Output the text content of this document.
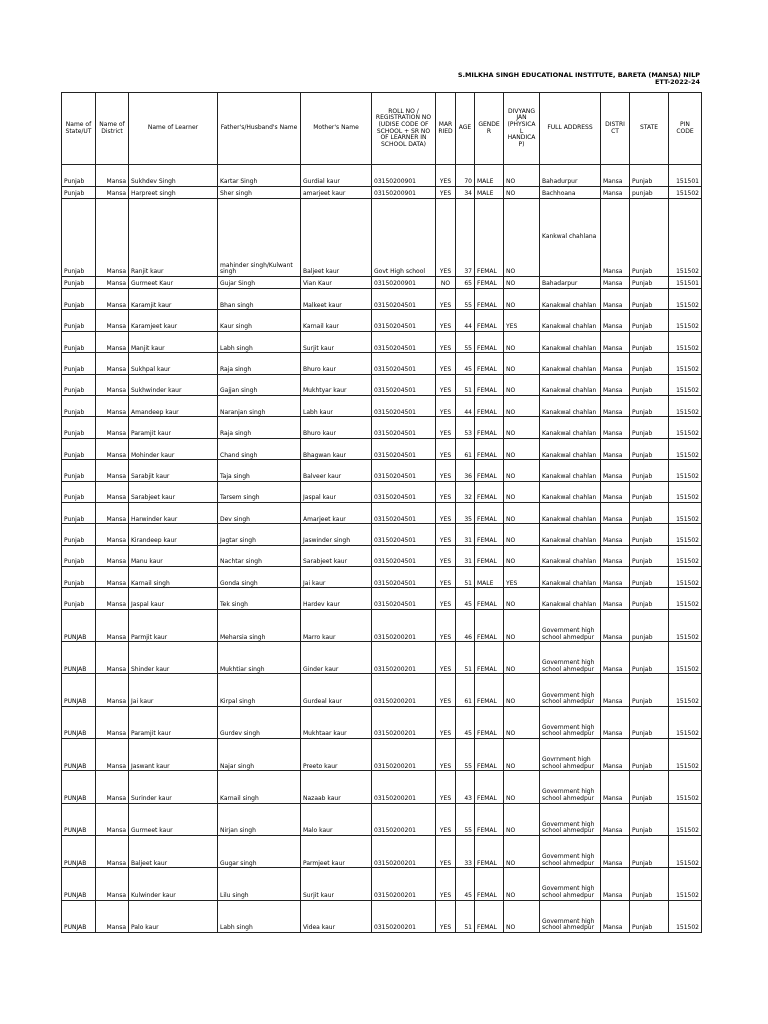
S.MILKHA SINGH EDUCATIONAL INSTITUTE, BARETA (MANSA) NILP
ETT-2022-24
Name of State/UT	Name of District	Name of Learner	Father's/Husband's Name	Mother's Name	ROLL NO / REGISTRATION NO (UDISE CODE OF SCHOOL + SR NO OF LEARNER IN SCHOOL DATA)	MAR RIED	AGE	GENDE R	DIVYANG JAN (PHYSICA L HANDICA P)	FULL ADDRESS	DISTRI CT	STATE	PIN CODE
Punjab	Mansa	Sukhdev Singh	Kartar Singh	Gurdial kaur	03150200901	YES	70	MALE	NO	Bahadurpur	Mansa	Punjab	151501
Punjab	Mansa	Harpreet singh	Sher singh	amarjeet kaur	03150200901	YES	34	MALE	NO	Bachhoana	Mansa	punjab	151502
Punjab	Mansa	Ranjit kaur	mahinder singh/Kulwant singh	Baljeet kaur	Govt High school	YES	37	FEMAL	NO	Kankwal chahlana	Mansa	Punjab	151502
Punjab	Mansa	Gurmeet Kaur	Gujar Singh	Vian Kaur	03150200901	NO	65	FEMAL	NO	Bahadarpur	Mansa	Punjab	151501
Punjab	Mansa	Karamjit kaur	Bhan singh	Malkeet kaur	03150204501	YES	55	FEMAL	NO	Kanakwal chahlan	Mansa	Punjab	151502
Punjab	Mansa	Karamjeet kaur	Kaur singh	Karnail kaur	03150204501	YES	44	FEMAL	YES	Kanakwal chahlan	Mansa	Punjab	151502
Punjab	Mansa	Manjit kaur	Labh singh	Surjit kaur	03150204501	YES	55	FEMAL	NO	Kanakwal chahlan	Mansa	Punjab	151502
Punjab	Mansa	Sukhpal kaur	Raja singh	Bhuro kaur	03150204501	YES	45	FEMAL	NO	Kanakwal chahlan	Mansa	Punjab	151502
Punjab	Mansa	Sukhwinder kaur	Gajjan singh	Mukhtyar kaur	03150204501	YES	51	FEMAL	NO	Kanakwal chahlan	Mansa	Punjab	151502
Punjab	Mansa	Amandeep kaur	Naranjan singh	Labh kaur	03150204501	YES	44	FEMAL	NO	Kanakwal chahlan	Mansa	Punjab	151502
Punjab	Mansa	Paramjit kaur	Raja singh	Bhuro kaur	03150204501	YES	53	FEMAL	NO	Kanakwal chahlan	Mansa	Punjab	151502
Punjab	Mansa	Mohinder kaur	Chand singh	Bhagwan kaur	03150204501	YES	61	FEMAL	NO	Kanakwal chahlan	Mansa	Punjab	151502
Punjab	Mansa	Sarabjit kaur	Taja singh	Balveer kaur	03150204501	YES	36	FEMAL	NO	Kanakwal chahlan	Mansa	Punjab	151502
Punjab	Mansa	Sarabjeet kaur	Tarsem singh	Jaspal kaur	03150204501	YES	32	FEMAL	NO	Kanakwal chahlan	Mansa	Punjab	151502
Punjab	Mansa	Harwinder kaur	Dev singh	Amarjeet kaur	03150204501	YES	35	FEMAL	NO	Kanakwal chahlan	Mansa	Punjab	151502
Punjab	Mansa	Kirandeep kaur	Jagtar singh	Jaswinder singh	03150204501	YES	31	FEMAL	NO	Kanakwal chahlan	Mansa	Punjab	151502
Punjab	Mansa	Manu kaur	Nachtar singh	Sarabjeet kaur	03150204501	YES	31	FEMAL	NO	Kanakwal chahlan	Mansa	Punjab	151502
Punjab	Mansa	Karnail singh	Gonda singh	Jai kaur	03150204501	YES	51	MALE	YES	Kanakwal chahlan	Mansa	Punjab	151502
Punjab	Mansa	Jaspal kaur	Tek singh	Hardev kaur	03150204501	YES	45	FEMAL	NO	Kanakwal chahlan	Mansa	Punjab	151502
PUNJAB	Mansa	Parmjit kaur	Meharsia singh	Marro kaur	03150200201	YES	46	FEMAL	NO	Government high school ahmedpur	Mansa	punjab	151502
PUNJAB	Mansa	Shinder kaur	Mukhtiar singh	Ginder kaur	03150200201	YES	51	FEMAL	NO	Government high school ahmedpur	Mansa	Punjab	151502
PUNJAB	Mansa	Jai kaur	Kirpal singh	Gurdeal kaur	03150200201	YES	61	FEMAL	NO	Government high school ahmedpur	Mansa	Punjab	151502
PUNJAB	Mansa	Paramjit kaur	Gurdev singh	Mukhtaar kaur	03150200201	YES	45	FEMAL	NO	Government high school ahmedpur	Mansa	Punjab	151502
PUNJAB	Mansa	Jaswant kaur	Najar singh	Preeto kaur	03150200201	YES	55	FEMAL	NO	Govrnment high school ahmedpur	Mansa	Punjab	151502
PUNJAB	Mansa	Surinder kaur	Karnail singh	Nazaab kaur	03150200201	YES	43	FEMAL	NO	Government high school ahmedpur	Mansa	Punjab	151502
PUNJAB	Mansa	Gurmeet kaur	Nirjan singh	Malo kaur	03150200201	YES	55	FEMAL	NO	Government high school ahmedpur	Mansa	Punjab	151502
PUNJAB	Mansa	Baljeet kaur	Gugar singh	Parmjeet kaur	03150200201	YES	33	FEMAL	NO	Government high school ahmedpur	Mansa	Punjab	151502
PUNJAB	Mansa	Kulwinder kaur	Lilu singh	Surjit kaur	03150200201	YES	45	FEMAL	NO	Government high school ahmedpur	Mansa	Punjab	151502
PUNJAB	Mansa	Palo kaur	Labh singh	Videa kaur	03150200201	YES	51	FEMAL	NO	Government high school ahmedpur	Mansa	Punjab	151502
